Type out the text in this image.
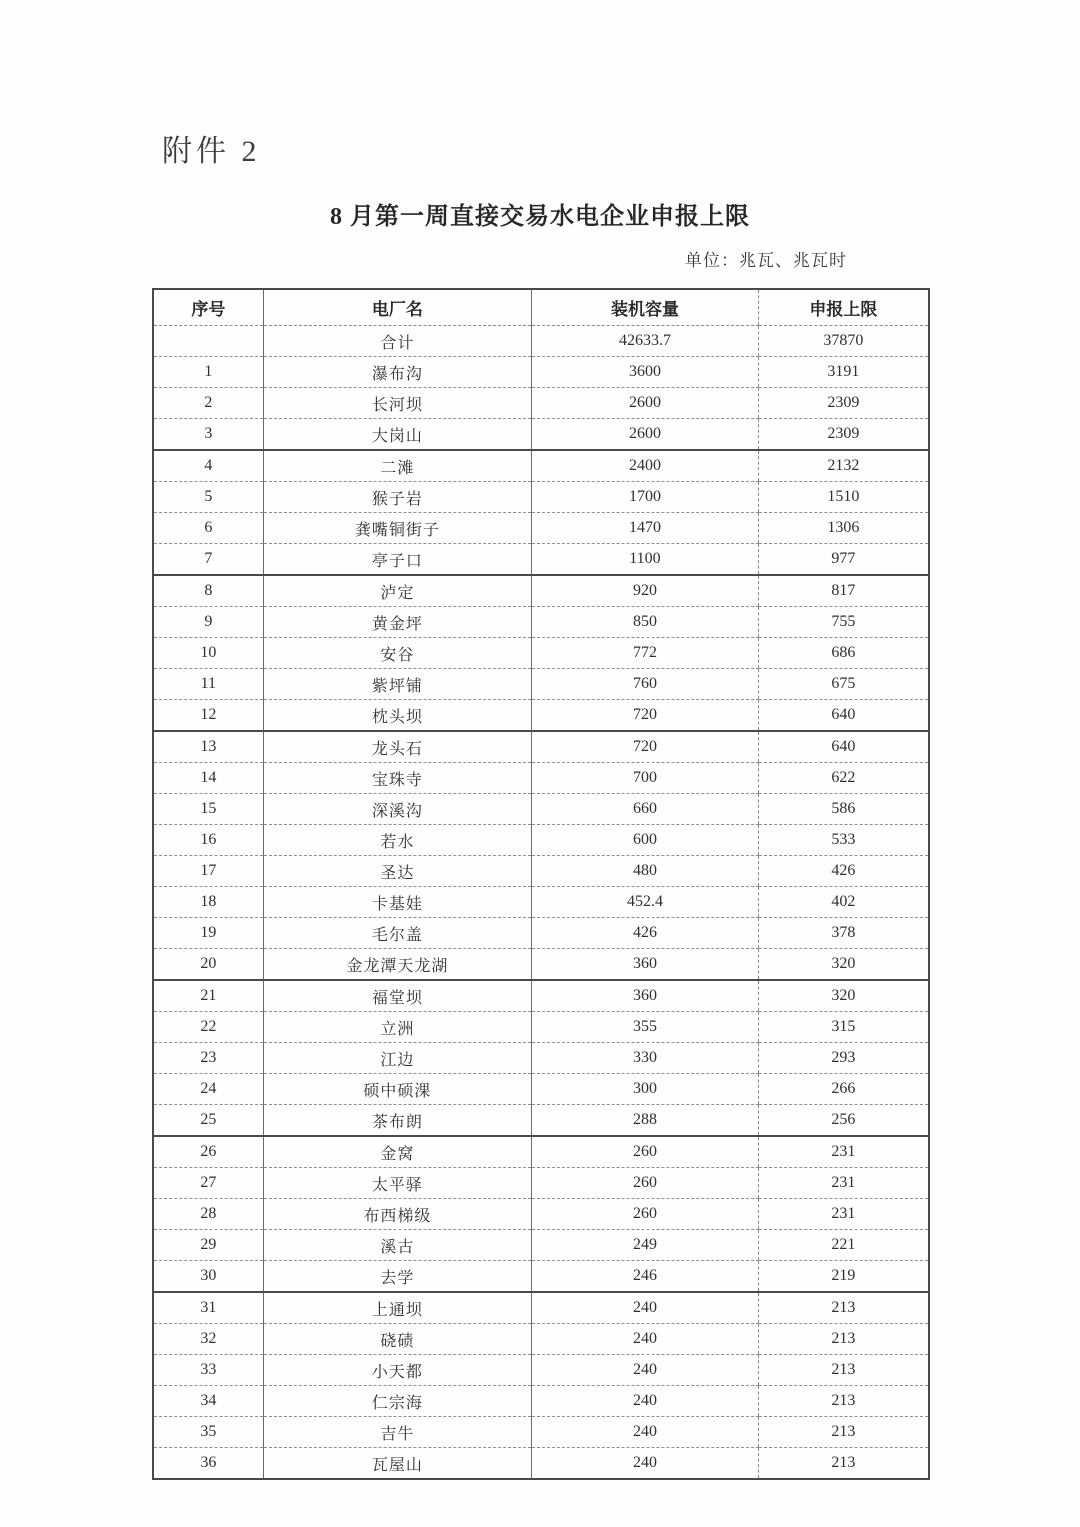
附件 2
8 月第一周直接交易水电企业申报上限
单位：兆瓦、兆瓦时
序号	电厂名	装机容量	申报上限
	合计	42633.7	37870
1	瀑布沟	3600	3191
2	长河坝	2600	2309
3	大岗山	2600	2309
4	二滩	2400	2132
5	猴子岩	1700	1510
6	龚嘴铜街子	1470	1306
7	亭子口	1100	977
8	泸定	920	817
9	黄金坪	850	755
10	安谷	772	686
11	紫坪铺	760	675
12	枕头坝	720	640
13	龙头石	720	640
14	宝珠寺	700	622
15	深溪沟	660	586
16	若水	600	533
17	圣达	480	426
18	卡基娃	452.4	402
19	毛尔盖	426	378
20	金龙潭天龙湖	360	320
21	福堂坝	360	320
22	立洲	355	315
23	江边	330	293
24	硕中硕淉	300	266
25	茶布朗	288	256
26	金窝	260	231
27	太平驿	260	231
28	布西梯级	260	231
29	溪古	249	221
30	去学	246	219
31	上通坝	240	213
32	硗碛	240	213
33	小天都	240	213
34	仁宗海	240	213
35	吉牛	240	213
36	瓦屋山	240	213
